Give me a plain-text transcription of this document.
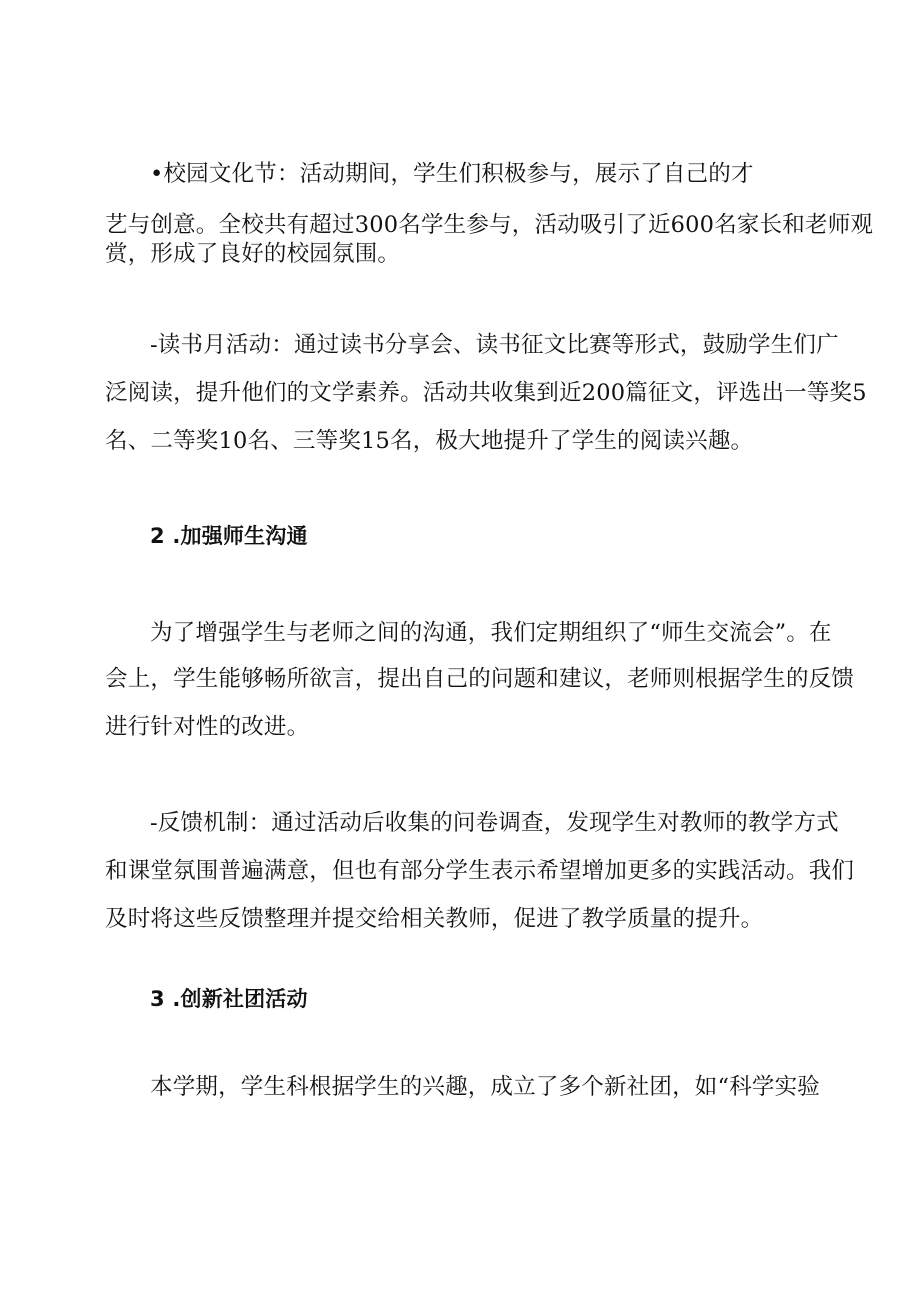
•校园文化节：活动期间，学生们积极参与，展示了自己的才
艺与创意。全校共有超过300名学生参与，活动吸引了近600名家长和老师观
赏，形成了良好的校园氛围。
-读书月活动：通过读书分享会、读书征文比赛等形式，鼓励学生们广
泛阅读，提升他们的文学素养。活动共收集到近200篇征文，评选出一等奖5
名、二等奖10名、三等奖15名，极大地提升了学生的阅读兴趣。
2 .加强师生沟通
为了增强学生与老师之间的沟通，我们定期组织了“师生交流会”。在
会上，学生能够畅所欲言，提出自己的问题和建议，老师则根据学生的反馈
进行针对性的改进。
-反馈机制：通过活动后收集的问卷调查，发现学生对教师的教学方式
和课堂氛围普遍满意，但也有部分学生表示希望增加更多的实践活动。我们
及时将这些反馈整理并提交给相关教师，促进了教学质量的提升。
3 .创新社团活动
本学期，学生科根据学生的兴趣，成立了多个新社团，如“科学实验
